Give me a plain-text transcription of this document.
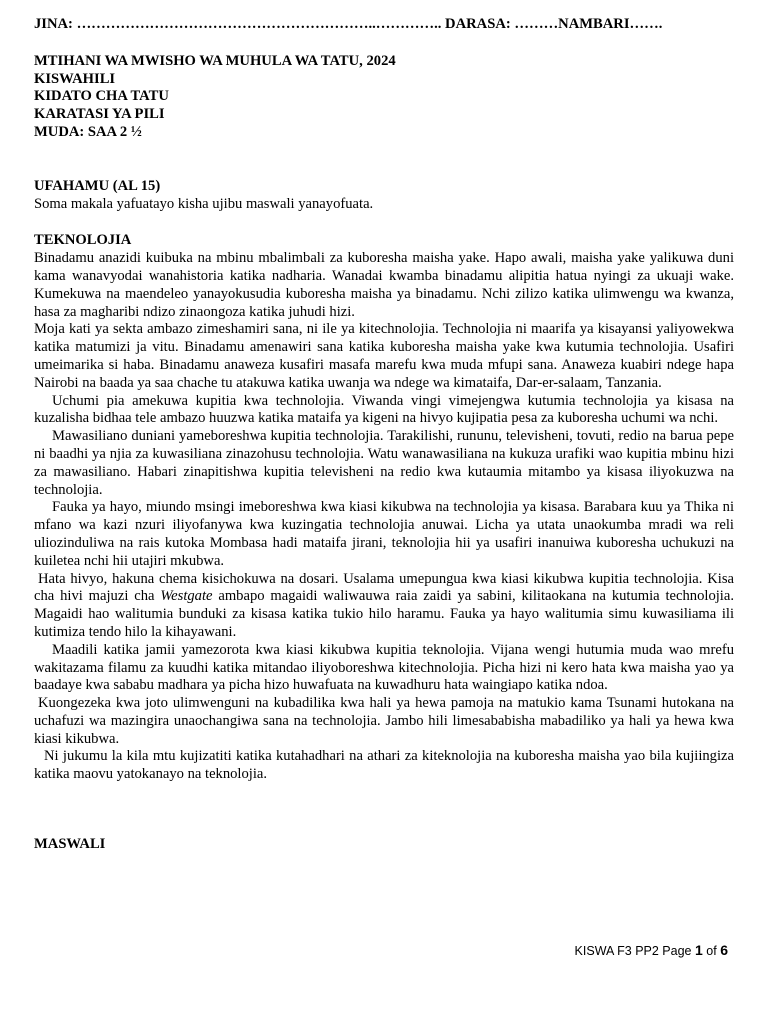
JINA: ……………………………………………………..………….. DARASA: ………NAMBARI…….
MTIHANI WA MWISHO WA MUHULA WA TATU, 2024
KISWAHILI
KIDATO CHA TATU
KARATASI YA PILI
MUDA: SAA 2 ½
UFAHAMU (AL 15)

Soma makala yafuatayo kisha ujibu maswali yanayofuata.

TEKNOLOJIA

Binadamu anazidi kuibuka na mbinu mbalimbali za kuboresha maisha yake. Hapo awali, maisha yake yalikuwa duni kama wanavyodai wanahistoria katika nadharia. Wanadai kwamba binadamu alipitia hatua nyingi za ukuaji wake. Kumekuwa na maendeleo yanayokusudia kuboresha maisha ya binadamu. Nchi zilizo katika ulimwengu wa kwanza, hasa za magharibi ndizo zinaongoza katika juhudi hizi.

Moja kati ya sekta ambazo zimeshamiri sana, ni ile ya kitechnolojia. Technolojia ni maarifa ya kisayansi yaliyowekwa katika matumizi ja vitu. Binadamu amenawiri sana katika kuboresha maisha yake kwa kutumia technolojia. Usafiri umeimarika si haba. Binadamu anaweza kusafiri masafa marefu kwa muda mfupi sana. Anaweza kuabiri ndege hapa Nairobi na baada ya saa chache tu atakuwa katika uwanja wa ndege wa kimataifa, Dar-er-salaam, Tanzania.

Uchumi pia amekuwa kupitia kwa technolojia. Viwanda vingi vimejengwa kutumia technolojia ya kisasa na kuzalisha bidhaa tele ambazo huuzwa katika mataifa ya kigeni na hivyo kujipatia pesa za kuboresha uchumi wa nchi.

Mawasiliano duniani yameboreshwa kupitia technolojia. Tarakilishi, rununu, televisheni, tovuti, redio na barua pepe ni baadhi ya njia za kuwasiliana zinazohusu technolojia. Watu wanawasiliana na kukuza urafiki wao kupitia mbinu hizi za mawasiliano. Habari zinapitishwa kupitia televisheni na redio kwa kutaumia mitambo ya kisasa iliyokuzwa na technolojia.

Fauka ya hayo, miundo msingi imeboreshwa kwa kiasi kikubwa na technolojia ya kisasa. Barabara kuu ya Thika ni mfano wa kazi nzuri iliyofanywa kwa kuzingatia technolojia anuwai. Licha ya utata unaokumba mradi wa reli uliozinduliwa na rais kutoka Mombasa hadi mataifa jirani, teknolojia hii ya usafiri inanuiwa kuboresha uchukuzi na kuiletea nchi hii utajiri mkubwa.

Hata hivyo, hakuna chema kisichokuwa na dosari. Usalama umepungua kwa kiasi kikubwa kupitia technolojia. Kisa cha hivi majuzi cha Westgate ambapo magaidi waliwauwa raia zaidi ya sabini, kilitaokana na kutumia technolojia. Magaidi hao walitumia bunduki za kisasa katika tukio hilo haramu. Fauka ya hayo walitumia simu kuwasiliama ili kutimiza tendo hilo la kihayawani.

Maadili katika jamii yamezorota kwa kiasi kikubwa kupitia teknolojia. Vijana wengi hutumia muda wao mrefu wakitazama filamu za kuudhi katika mitandao iliyoboreshwa kitechnolojia. Picha hizi ni kero hata kwa maisha yao ya baadaye kwa sababu madhara ya picha hizo huwafuata na kuwadhuru hata waingiapo katika ndoa.

Kuongezeka kwa joto ulimwenguni na kubadilika kwa hali ya hewa pamoja na matukio kama Tsunami hutokana na uchafuzi wa mazingira unaochangiwa sana na technolojia. Jambo hili limesababisha mabadiliko ya hali ya hewa kwa kiasi kikubwa.

Ni jukumu la kila mtu kujizatiti katika kutahadhari na athari za kiteknolojia na kuboresha maisha yao bila kujiingiza katika maovu yatokanayo na teknolojia.

MASWALI
KISWA F3 PP2 Page 1 of 6
